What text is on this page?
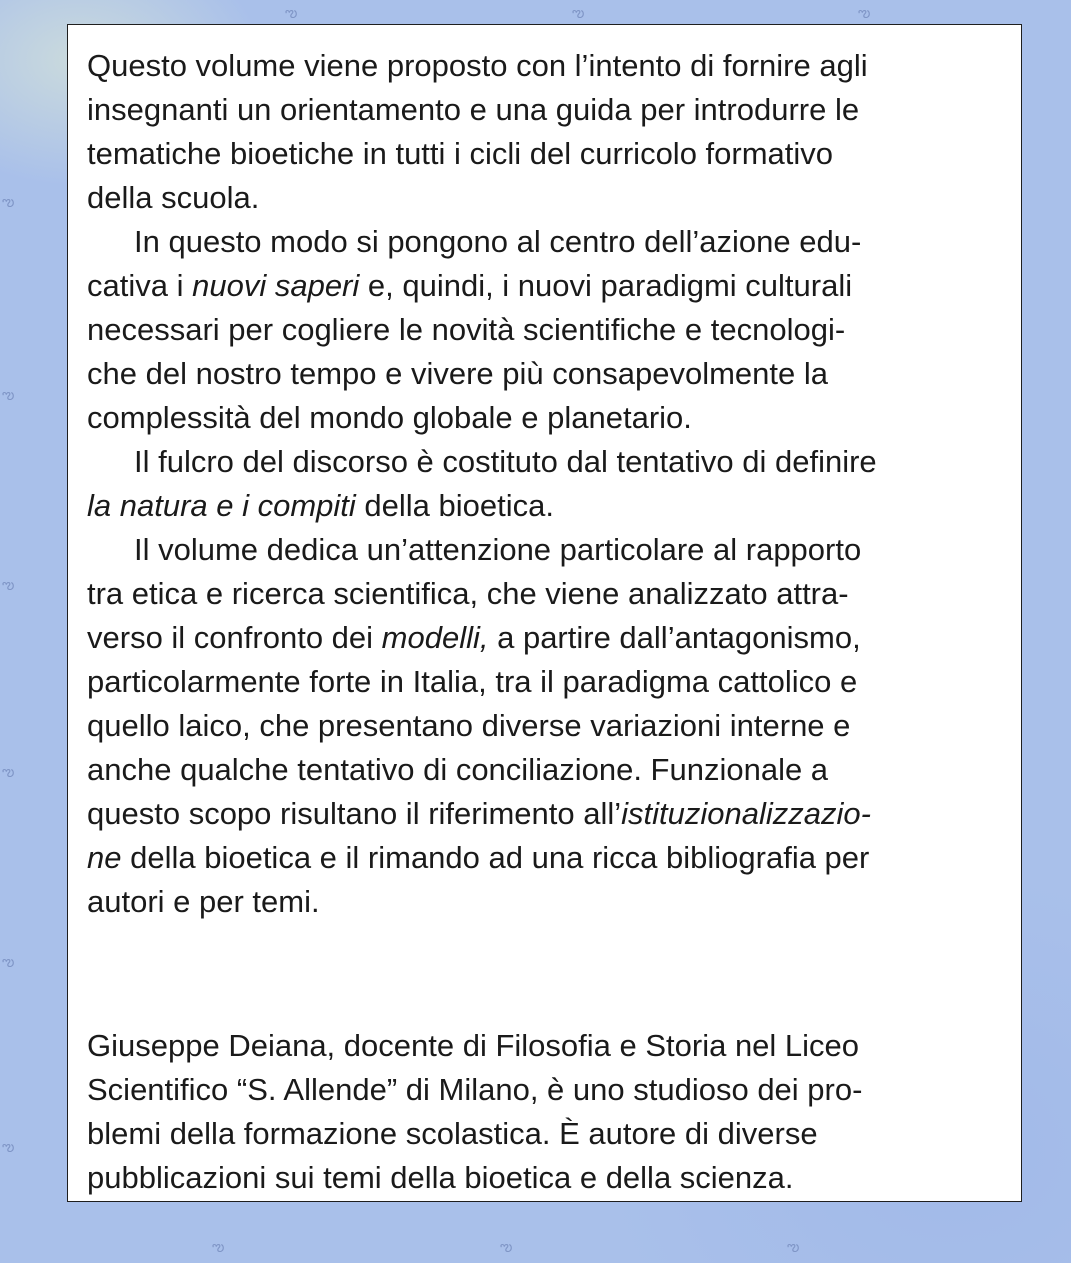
ఌ	ఌ	ఌ
ఌ
ఌ
ఌ
ఌ
ఌ
ఌ
ఌ	ఌ	ఌ

Questo volume viene proposto con l’intento di fornire agli
insegnanti un orientamento e una guida per introdurre le
tematiche bioetiche in tutti i cicli del curricolo formativo
della scuola.

In questo modo si pongono al centro dell’azione edu-
cativa i nuovi saperi e, quindi, i nuovi paradigmi culturali
necessari per cogliere le novità scientifiche e tecnologi-
che del nostro tempo e vivere più consapevolmente la
complessità del mondo globale e planetario.

Il fulcro del discorso è costituto dal tentativo di definire
la natura e i compiti della bioetica.

Il volume dedica un’attenzione particolare al rapporto
tra etica e ricerca scientifica, che viene analizzato attra-
verso il confronto dei modelli, a partire dall’antagonismo,
particolarmente forte in Italia, tra il paradigma cattolico e
quello laico, che presentano diverse variazioni interne e
anche qualche tentativo di conciliazione. Funzionale a
questo scopo risultano il riferimento all’istituzionalizzazio-
ne della bioetica e il rimando ad una ricca bibliografia per
autori e per temi.

Giuseppe Deiana, docente di Filosofia e Storia nel Liceo
Scientifico “S. Allende” di Milano, è uno studioso dei pro-
blemi della formazione scolastica. È autore di diverse
pubblicazioni sui temi della bioetica e della scienza.
